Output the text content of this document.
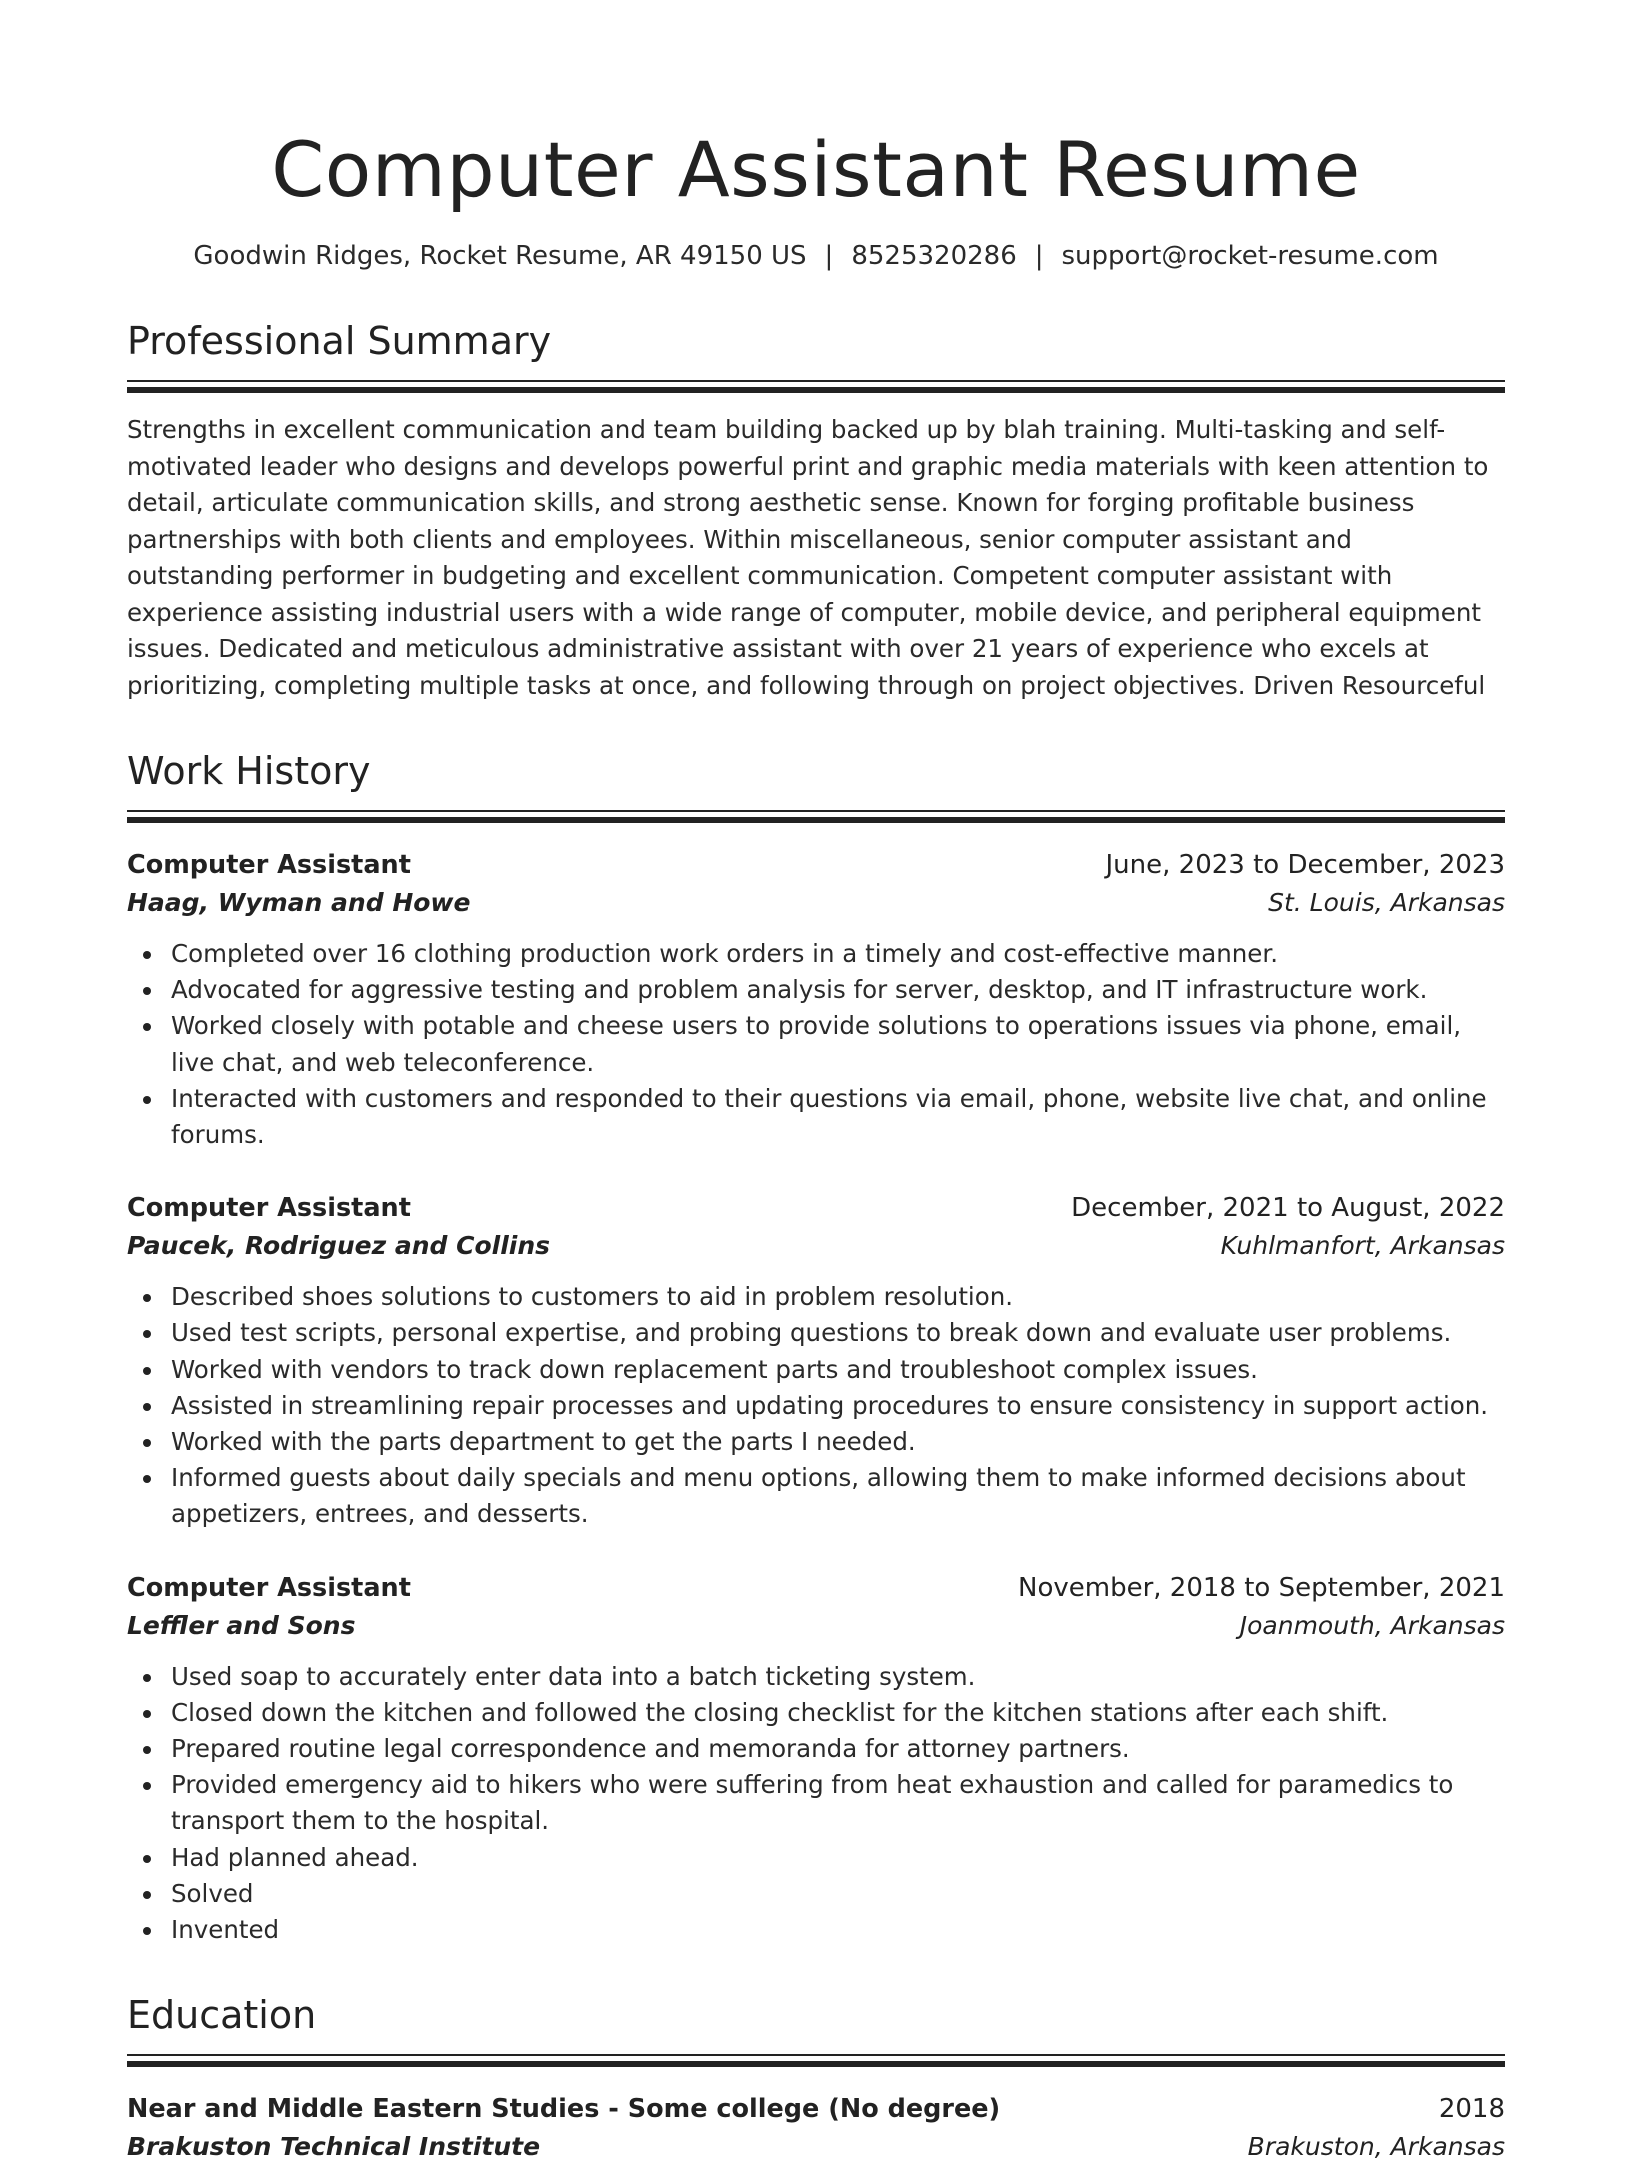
Computer Assistant Resume
Goodwin Ridges, Rocket Resume, AR 49150 US | 8525320286 | support@rocket-resume.com
Professional Summary
Strengths in excellent communication and team building backed up by blah training. Multi-tasking and self-motivated leader who designs and develops powerful print and graphic media materials with keen attention to detail, articulate communication skills, and strong aesthetic sense. Known for forging profitable business partnerships with both clients and employees. Within miscellaneous, senior computer assistant and outstanding performer in budgeting and excellent communication. Competent computer assistant with experience assisting industrial users with a wide range of computer, mobile device, and peripheral equipment issues. Dedicated and meticulous administrative assistant with over 21 years of experience who excels at prioritizing, completing multiple tasks at once, and following through on project objectives. Driven Resourceful
Work History
Computer Assistant	June, 2023 to December, 2023
Haag, Wyman and Howe	St. Louis, Arkansas
Completed over 16 clothing production work orders in a timely and cost-effective manner.
Advocated for aggressive testing and problem analysis for server, desktop, and IT infrastructure work.
Worked closely with potable and cheese users to provide solutions to operations issues via phone, email, live chat, and web teleconference.
Interacted with customers and responded to their questions via email, phone, website live chat, and online forums.
Computer Assistant	December, 2021 to August, 2022
Paucek, Rodriguez and Collins	Kuhlmanfort, Arkansas
Described shoes solutions to customers to aid in problem resolution.
Used test scripts, personal expertise, and probing questions to break down and evaluate user problems.
Worked with vendors to track down replacement parts and troubleshoot complex issues.
Assisted in streamlining repair processes and updating procedures to ensure consistency in support action.
Worked with the parts department to get the parts I needed.
Informed guests about daily specials and menu options, allowing them to make informed decisions about appetizers, entrees, and desserts.
Computer Assistant	November, 2018 to September, 2021
Leffler and Sons	Joanmouth, Arkansas
Used soap to accurately enter data into a batch ticketing system.
Closed down the kitchen and followed the closing checklist for the kitchen stations after each shift.
Prepared routine legal correspondence and memoranda for attorney partners.
Provided emergency aid to hikers who were suffering from heat exhaustion and called for paramedics to transport them to the hospital.
Had planned ahead.
Solved
Invented
Education
Near and Middle Eastern Studies - Some college (No degree)	2018
Brakuston Technical Institute	Brakuston, Arkansas
